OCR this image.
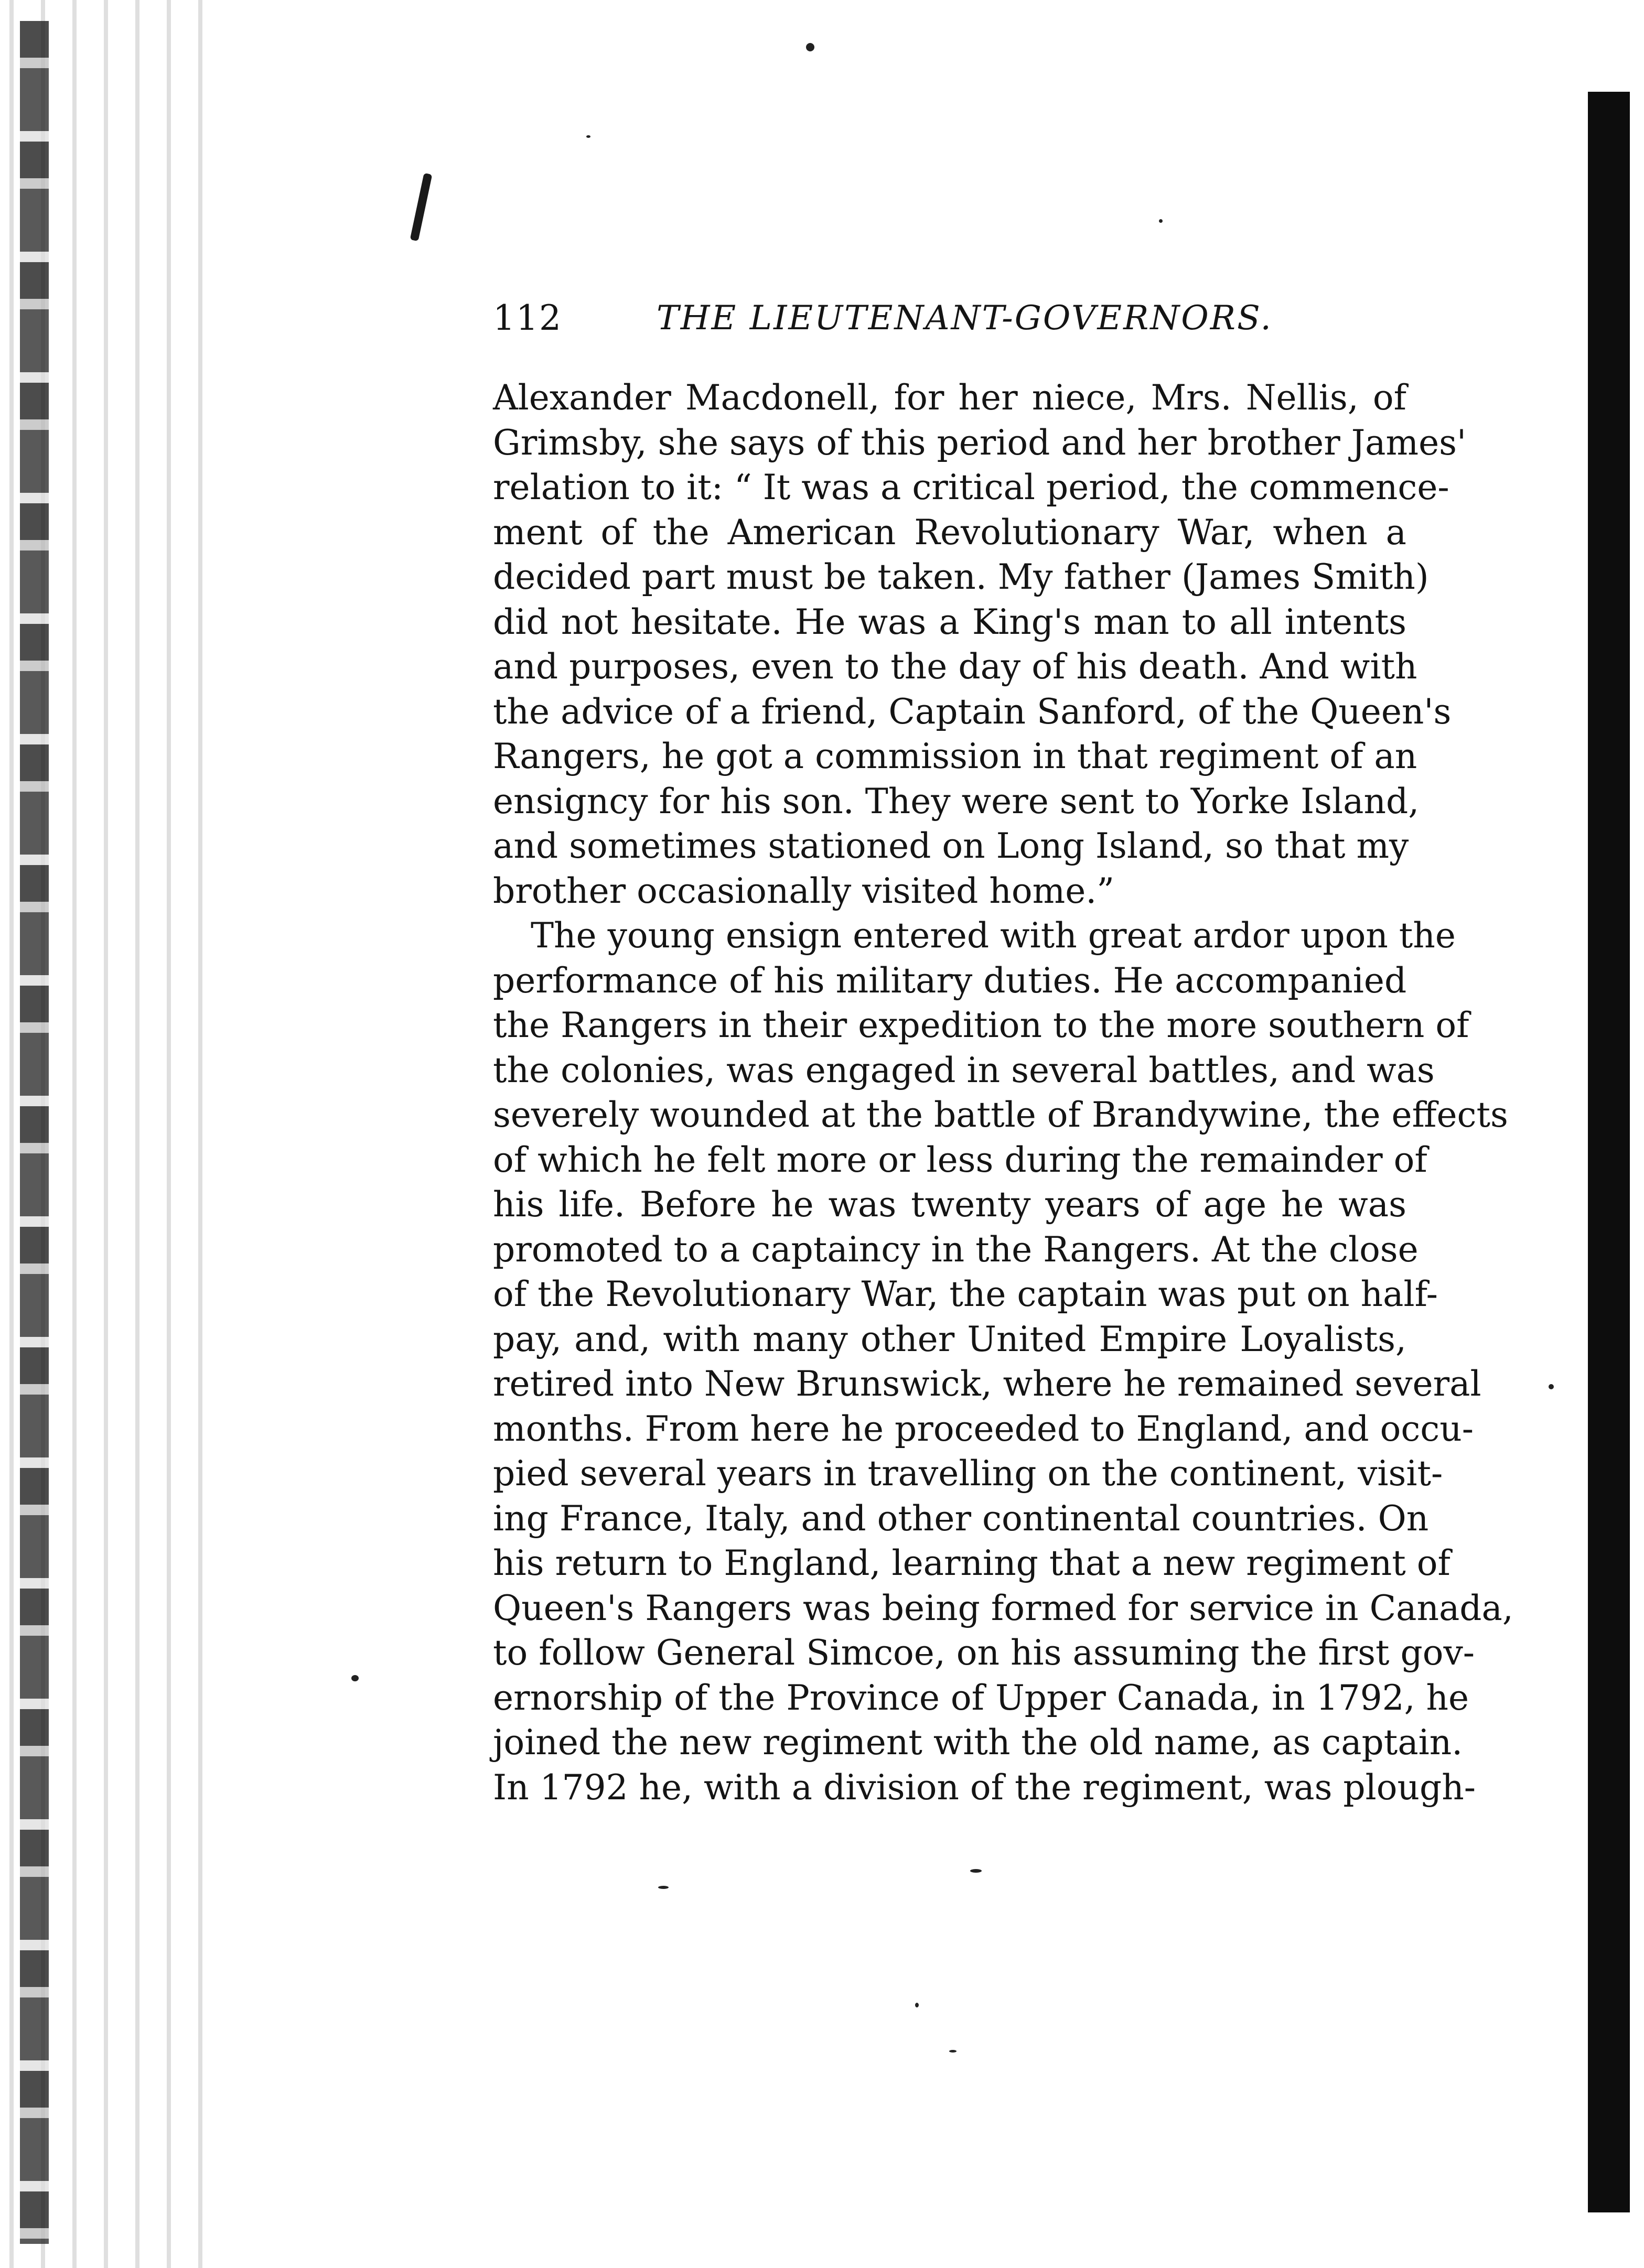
112	THE LIEUTENANT-GOVERNORS.
Alexander Macdonell, for her niece, Mrs. Nellis, of
Grimsby, she says of this period and her brother James'
relation to it: “ It was a critical period, the commence-
ment of the American Revolutionary War, when a
decided part must be taken. My father (James Smith)
did not hesitate. He was a King's man to all intents
and purposes, even to the day of his death. And with
the advice of a friend, Captain Sanford, of the Queen's
Rangers, he got a commission in that regiment of an
ensigncy for his son. They were sent to Yorke Island,
and sometimes stationed on Long Island, so that my
brother occasionally visited home.”
The young ensign entered with great ardor upon the
performance of his military duties. He accompanied
the Rangers in their expedition to the more southern of
the colonies, was engaged in several battles, and was
severely wounded at the battle of Brandywine, the effects
of which he felt more or less during the remainder of
his life. Before he was twenty years of age he was
promoted to a captaincy in the Rangers. At the close
of the Revolutionary War, the captain was put on half-
pay, and, with many other United Empire Loyalists,
retired into New Brunswick, where he remained several
months. From here he proceeded to England, and occu-
pied several years in travelling on the continent, visit-
ing France, Italy, and other continental countries. On
his return to England, learning that a new regiment of
Queen's Rangers was being formed for service in Canada,
to follow General Simcoe, on his assuming the first gov-
ernorship of the Province of Upper Canada, in 1792, he
joined the new regiment with the old name, as captain.
In 1792 he, with a division of the regiment, was plough-
